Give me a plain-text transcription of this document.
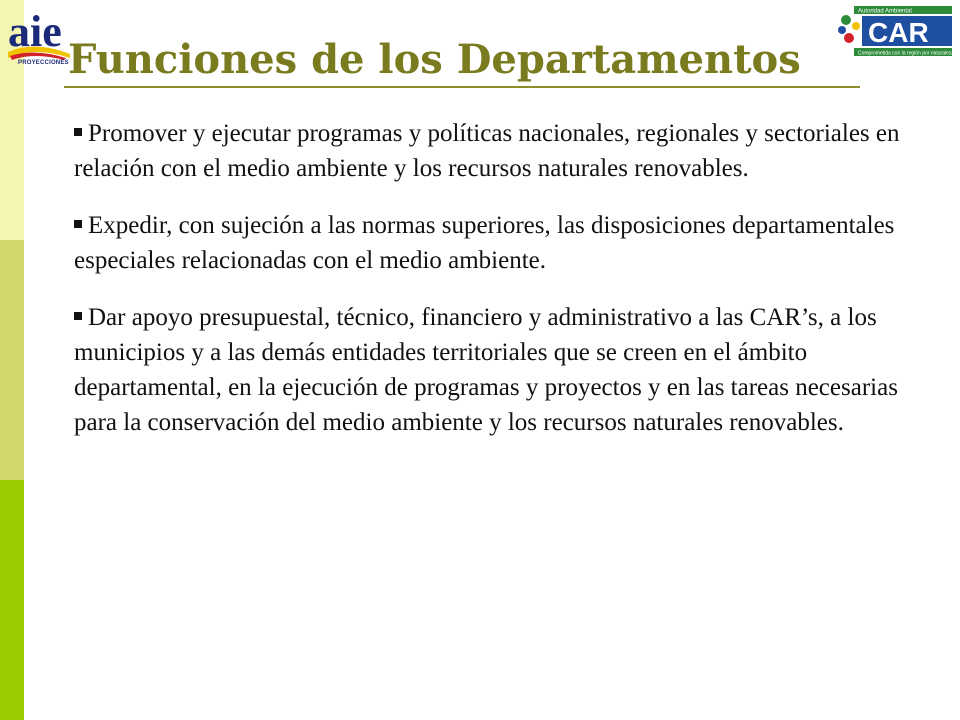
aie
PROYECCIONES
Autoridad Ambiental
CAR
Comprometida con la región por naturaleza
Funciones de los Departamentos
Promover y ejecutar programas y políticas nacionales, regionales y sectoriales en relación con el medio ambiente y los recursos naturales renovables.
Expedir, con sujeción a las normas superiores, las disposiciones departamentales especiales relacionadas con el medio ambiente.
Dar apoyo presupuestal, técnico, financiero y administrativo a las CAR’s, a los municipios y a las demás entidades territoriales que se creen en el ámbito departamental, en la ejecución de programas y proyectos y en las tareas necesarias para la conservación del medio ambiente y los recursos naturales renovables.
